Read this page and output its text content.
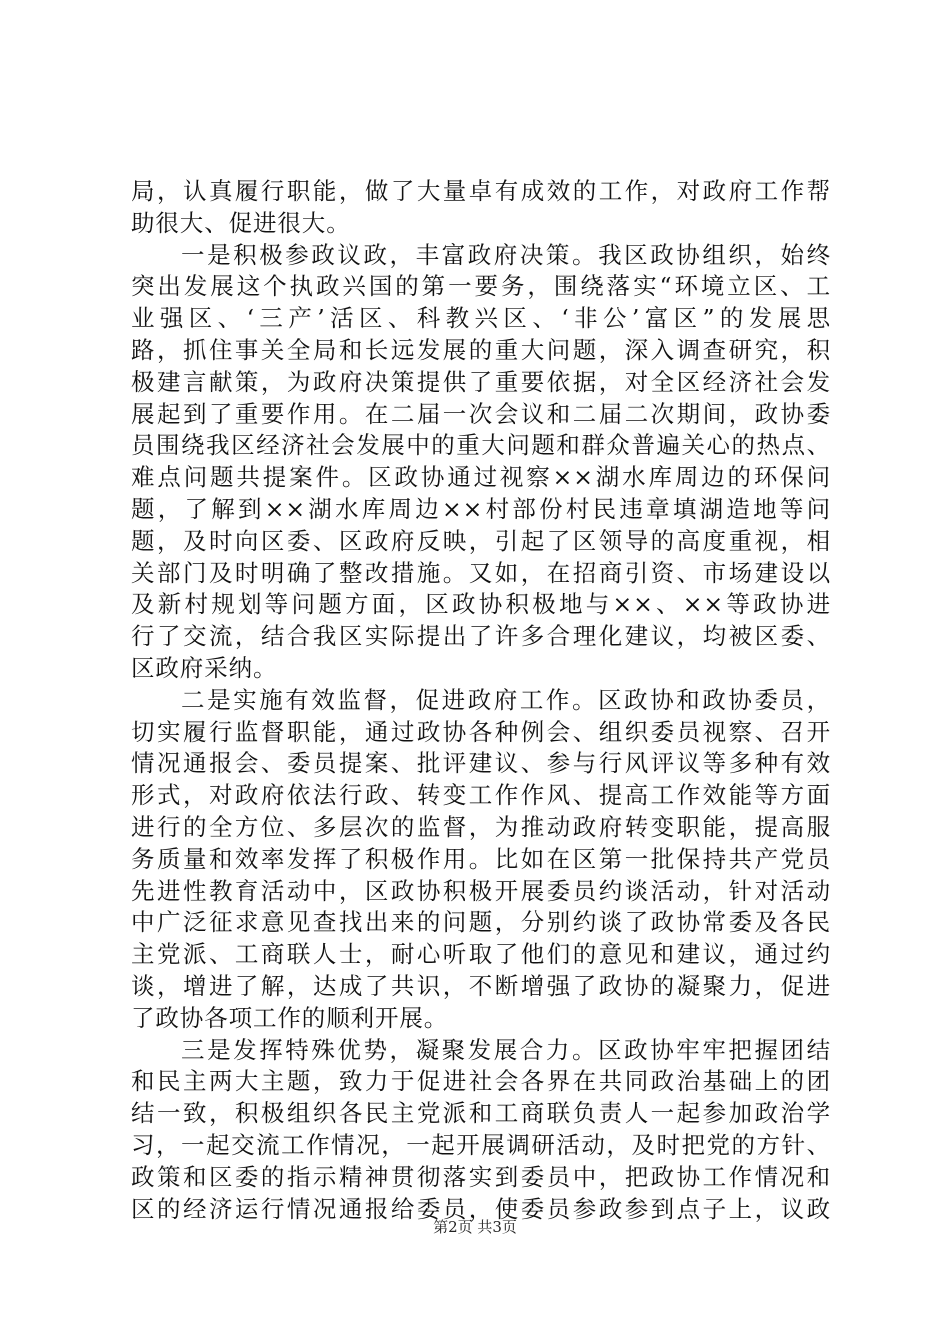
局，认真履行职能，做了大量卓有成效的工作，对政府工作帮
助很大、促进很大。
一是积极参政议政，丰富政府决策。我区政协组织，始终
突出发展这个执政兴国的第一要务，围绕落实“环境立区、工
业强区、‘三产’活区、科教兴区、‘非公’富区”的发展思
路，抓住事关全局和长远发展的重大问题，深入调查研究，积
极建言献策，为政府决策提供了重要依据，对全区经济社会发
展起到了重要作用。在二届一次会议和二届二次期间，政协委
员围绕我区经济社会发展中的重大问题和群众普遍关心的热点、
难点问题共提案件。区政协通过视察××湖水库周边的环保问
题，了解到××湖水库周边××村部份村民违章填湖造地等问
题，及时向区委、区政府反映，引起了区领导的高度重视，相
关部门及时明确了整改措施。又如，在招商引资、市场建设以
及新村规划等问题方面，区政协积极地与××、××等政协进
行了交流，结合我区实际提出了许多合理化建议，均被区委、
区政府采纳。
二是实施有效监督，促进政府工作。区政协和政协委员，
切实履行监督职能，通过政协各种例会、组织委员视察、召开
情况通报会、委员提案、批评建议、参与行风评议等多种有效
形式，对政府依法行政、转变工作作风、提高工作效能等方面
进行的全方位、多层次的监督，为推动政府转变职能，提高服
务质量和效率发挥了积极作用。比如在区第一批保持共产党员
先进性教育活动中，区政协积极开展委员约谈活动，针对活动
中广泛征求意见查找出来的问题，分别约谈了政协常委及各民
主党派、工商联人士，耐心听取了他们的意见和建议，通过约
谈，增进了解，达成了共识，不断增强了政协的凝聚力，促进
了政协各项工作的顺利开展。
三是发挥特殊优势，凝聚发展合力。区政协牢牢把握团结
和民主两大主题，致力于促进社会各界在共同政治基础上的团
结一致，积极组织各民主党派和工商联负责人一起参加政治学
习，一起交流工作情况，一起开展调研活动，及时把党的方针、
政策和区委的指示精神贯彻落实到委员中，把政协工作情况和
区的经济运行情况通报给委员，使委员参政参到点子上，议政
第2页 共3页
